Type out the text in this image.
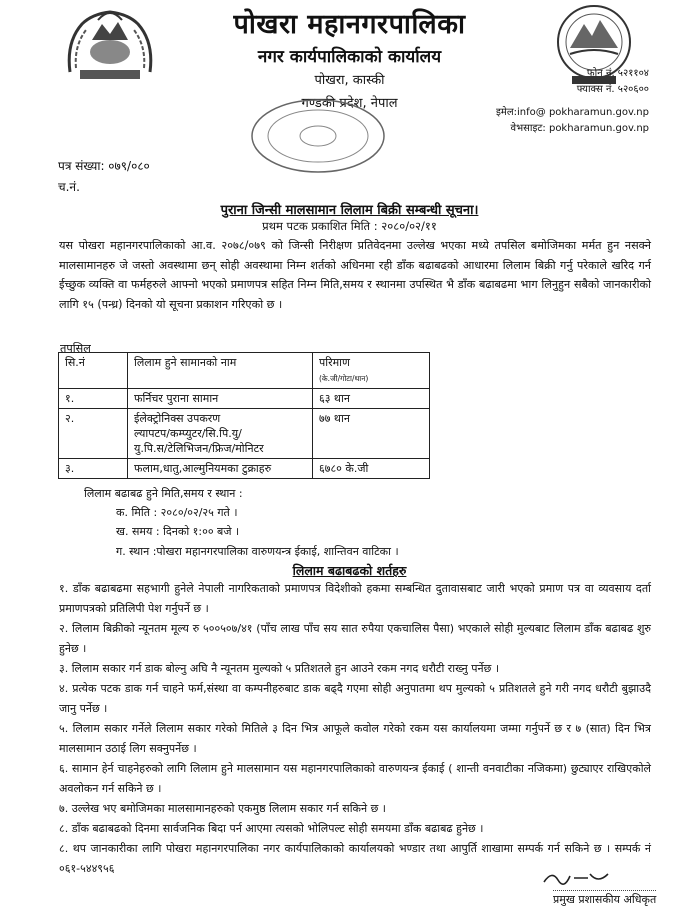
पोखरा महानगरपालिका
नगर कार्यपालिकाको कार्यालय
पोखरा, कास्की
गण्डकी प्रदेश, नेपाल
फोन नं. ५२११०४
फ्याक्स नं. ५२०६००
इमेल:info@ pokharamun.gov.np
वेभसाइट: pokharamun.gov.np
पत्र संख्या: ०७९/०८०
च.नं.
पुराना जिन्सी मालसामान लिलाम बिक्री सम्बन्धी सूचना।
प्रथम पटक प्रकाशित मिति : २०८०/०२/११
यस पोखरा महानगरपालिकाको आ.व. २०७८/०७९ को जिन्सी निरीक्षण प्रतिवेदनमा उल्लेख भएका मध्ये तपसिल बमोजिमका मर्मत हुन नसक्ने मालसामानहरु जे जस्तो अवस्थामा छन् सोही अवस्थामा निम्न शर्तको अधिनमा रही डाँक बढाबढको आधारमा लिलाम बिक्री गर्नु परेकाले खरिद गर्न ईच्छुक व्यक्ति वा फर्महरुले आफ्नो भएको प्रमाणपत्र सहित निम्न मिति,समय र स्थानमा उपस्थित भै डाँक बढाबढमा भाग लिनुहुन सबैको जानकारीको लागि १५ (पन्ध्र) दिनको यो सूचना प्रकाशन गरिएको छ ।
तपसिल
सि.नं	लिलाम हुने सामानको नाम	परिमाण
(के.जी/गोटा/थान)

१.	फर्निचर पुराना सामान	६३ थान
२.	ईलेक्ट्रोनिक्स उपकरण
ल्यापटप/कम्प्युटर/सि.पि.यु/
यु.पि.स/टेलिभिजन/फ्रिज/मोनिटर	७७ थान
३.	फलाम,धातु,आल्मुनियमका टुक्राहरु	६७८० के.जी
लिलाम बढाबढ हुने मिति,समय र स्थान :
क. मिति : २०८०/०२/२५ गते ।
ख. समय : दिनको १:०० बजे ।
ग. स्थान :पोखरा महानगरपालिका वारुणयन्त्र ईकाई, शान्तिवन वाटिका ।
लिलाम बढाबढको शर्तहरु
१. डाँक बढाबढमा सहभागी हुनेले नेपाली नागरिकताको प्रमाणपत्र विदेशीको हकमा सम्बन्धित दुतावासबाट जारी भएको प्रमाण पत्र वा व्यवसाय दर्ता प्रमाणपत्रको प्रतिलिपी पेश गर्नुपर्ने छ ।
२. लिलाम बिक्रीको न्यूनतम मूल्य रु ५००५०७/४१ (पाँच लाख पाँच सय सात रुपैया एकचालिस पैसा) भएकाले सोही मुल्यबाट लिलाम डाँक बढाबढ शुरु हुनेछ ।
३. लिलाम सकार गर्न डाक बोल्नु अघि नै न्यूनतम मुल्यको ५ प्रतिशतले हुन आउने रकम नगद धरौटी राख्नु पर्नेछ ।
४. प्रत्येक पटक डाक गर्न चाहने फर्म,संस्था वा कम्पनीहरुबाट डाक बढ्दै गएमा सोही अनुपातमा थप मुल्यको ५ प्रतिशतले हुने गरी नगद धरौटी बुझाउदै जानु पर्नेछ ।
५. लिलाम सकार गर्नेले लिलाम सकार गरेको मितिले ३ दिन भित्र आफूले कवोल गरेको रकम यस कार्यालयमा जम्मा गर्नुपर्ने छ र ७ (सात) दिन भित्र मालसामान उठाई लिग सक्नुपर्नेछ ।
६. सामान हेर्न चाहनेहरुको लागि लिलाम हुने मालसामान यस महानगरपालिकाको वारुणयन्त्र ईकाई ( शान्ती वनवाटीका नजिकमा) छुट्याएर राखिएकोले अवलोकन गर्न सकिने छ ।
७. उल्लेख भए बमोजिमका मालसामानहरुको एकमुष्ठ लिलाम सकार गर्न सकिने छ ।
८. डाँक बढाबढको दिनमा सार्वजनिक बिदा पर्न आएमा त्यसको भोलिपल्ट सोही समयमा डाँक बढाबढ हुनेछ ।
८. थप जानकारीका लागि पोखरा महानगरपालिका नगर कार्यपालिकाको कार्यालयको भण्डार तथा आपुर्ति शाखामा सम्पर्क गर्न सकिने छ । सम्पर्क नं ०६१-५४४९५६
प्रमुख प्रशासकीय अधिकृत
